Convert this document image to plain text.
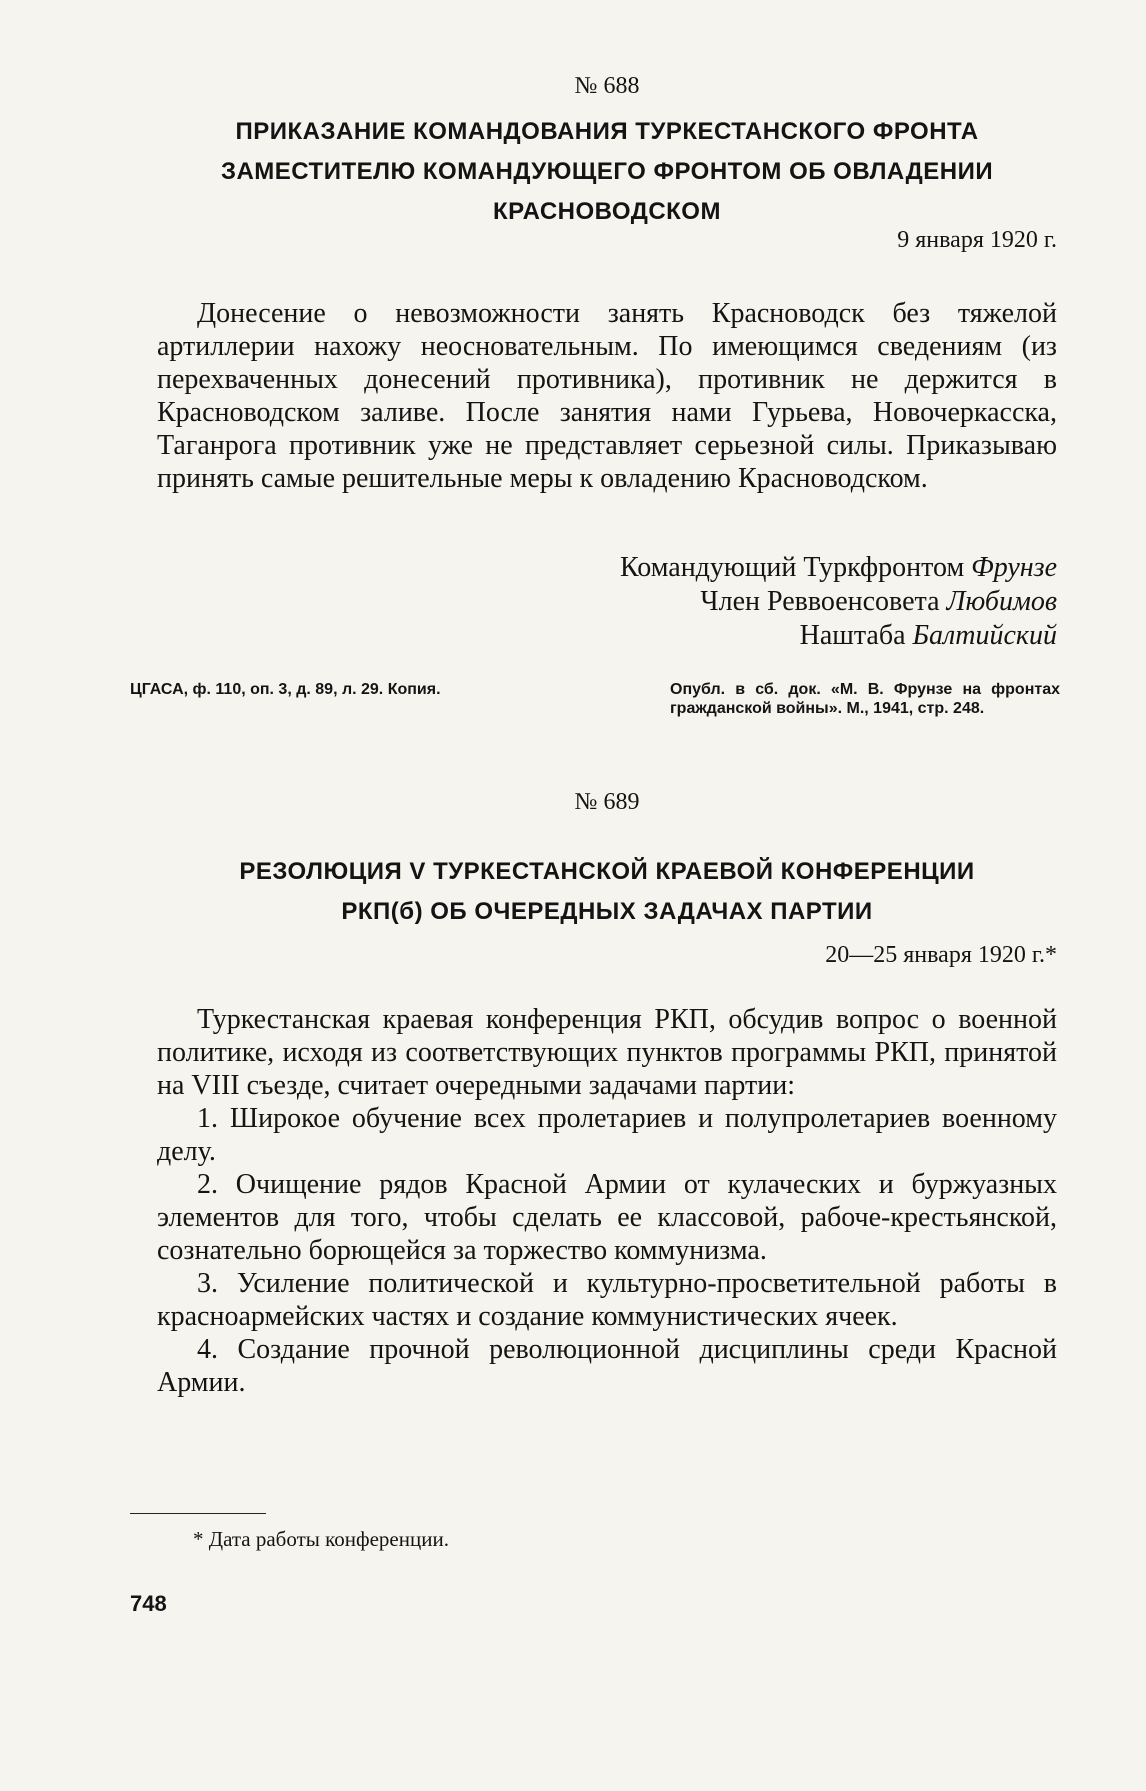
№ 688
ПРИКАЗАНИЕ КОМАНДОВАНИЯ ТУРКЕСТАНСКОГО ФРОНТА
ЗАМЕСТИТЕЛЮ КОМАНДУЮЩЕГО ФРОНТОМ ОБ ОВЛАДЕНИИ
КРАСНОВОДСКОМ
9 января 1920 г.

Донесение о невозможности занять Красноводск без тяжелой артиллерии нахожу неосновательным. По имеющимся сведениям (из перехваченных донесений противника), противник не держится в Красноводском заливе. После занятия нами Гурьева, Новочеркасска, Таганрога противник уже не представляет серьезной силы. Приказываю принять самые решительные меры к овладению Красноводском.

Командующий Туркфронтом Фрунзе
Член Реввоенсовета Любимов
Наштаба Балтийский
ЦГАСА, ф. 110, оп. 3, д. 89, л. 29. Копия.	Опубл. в сб. док. «М. В. Фрунзе на фронтах гражданской войны». М., 1941, стр. 248.
№ 689
РЕЗОЛЮЦИЯ V ТУРКЕСТАНСКОЙ КРАЕВОЙ КОНФЕРЕНЦИИ
РКП(б) ОБ ОЧЕРЕДНЫХ ЗАДАЧАХ ПАРТИИ
20—25 января 1920 г.*

Туркестанская краевая конференция РКП, обсудив вопрос о военной политике, исходя из соответствующих пунктов программы РКП, принятой на VIII съезде, считает очередными задачами партии:

1. Широкое обучение всех пролетариев и полупролетариев военному делу.

2. Очищение рядов Красной Армии от кулаческих и буржуазных элементов для того, чтобы сделать ее классовой, рабоче-крестьянской, сознательно борющейся за торжество коммунизма.

3. Усиление политической и культурно-просветительной работы в красноармейских частях и создание коммунистических ячеек.

4. Создание прочной революционной дисциплины среди Красной Армии.

* Дата работы конференции.
748
